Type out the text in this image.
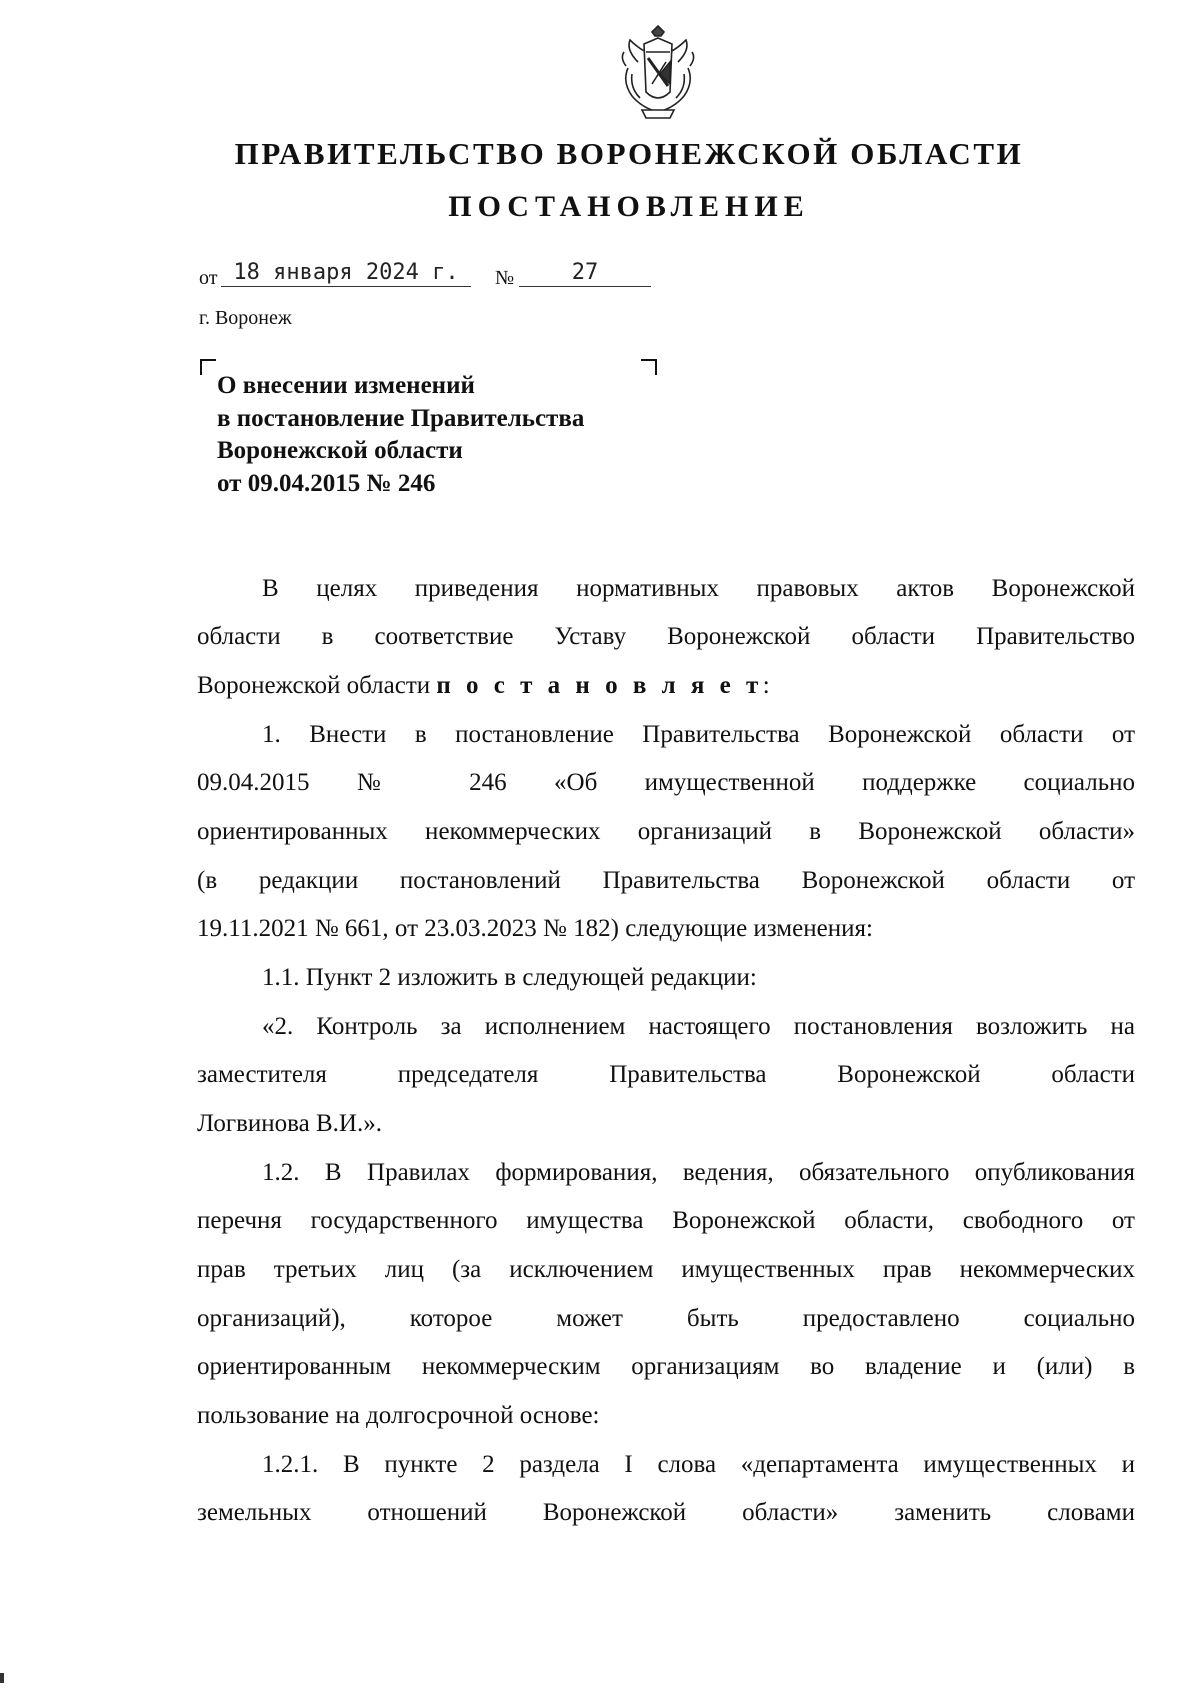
ПРАВИТЕЛЬСТВО ВОРОНЕЖСКОЙ ОБЛАСТИ
ПОСТАНОВЛЕНИЕ
от 18 января 2024 г.	№	27
г. Воронеж
О внесении изменений
в постановление Правительства
Воронежской области
от 09.04.2015 № 246
В целях приведения нормативных правовых актов Воронежской
области в соответствие Уставу Воронежской области Правительство
Воронежской области п о с т а н о в л я е т:
1. Внести в постановление Правительства Воронежской области от
09.04.2015 № 246 «Об имущественной поддержке социально
ориентированных некоммерческих организаций в Воронежской области»
(в редакции постановлений Правительства Воронежской области от
19.11.2021 № 661, от 23.03.2023 № 182) следующие изменения:
1.1. Пункт 2 изложить в следующей редакции:
«2. Контроль за исполнением настоящего постановления возложить на
заместителя председателя Правительства Воронежской области
Логвинова В.И.».
1.2. В Правилах формирования, ведения, обязательного опубликования
перечня государственного имущества Воронежской области, свободного от
прав третьих лиц (за исключением имущественных прав некоммерческих
организаций), которое может быть предоставлено социально
ориентированным некоммерческим организациям во владение и (или) в
пользование на долгосрочной основе:
1.2.1. В пункте 2 раздела I слова «департамента имущественных и
земельных отношений Воронежской области» заменить словами
